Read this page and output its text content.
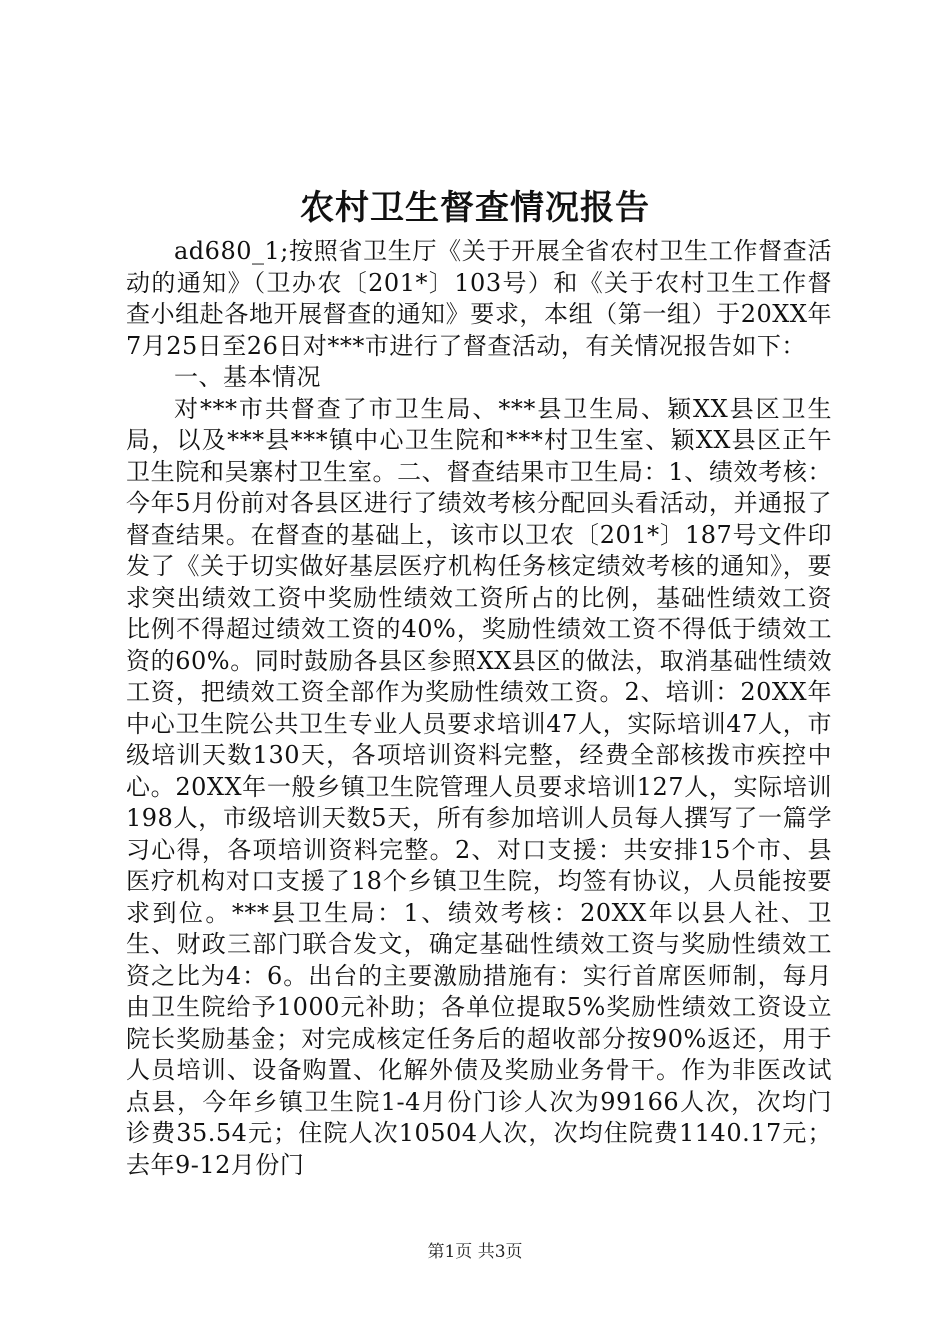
农村卫生督查情况报告

ad680_1;按照省卫生厅《关于开展全省农村卫生工作督查活动的通知》（卫办农〔201*〕103号）和《关于农村卫生工作督查小组赴各地开展督查的通知》要求，本组（第一组）于20XX年7月25日至26日对***市进行了督查活动，有关情况报告如下：

一、基本情况

对***市共督查了市卫生局、***县卫生局、颖XX县区卫生局，以及***县***镇中心卫生院和***村卫生室、颖XX县区正午卫生院和吴寨村卫生室。二、督查结果市卫生局：1、绩效考核：今年5月份前对各县区进行了绩效考核分配回头看活动，并通报了督查结果。在督查的基础上，该市以卫农〔201*〕187号文件印发了《关于切实做好基层医疗机构任务核定绩效考核的通知》，要求突出绩效工资中奖励性绩效工资所占的比例，基础性绩效工资比例不得超过绩效工资的40%，奖励性绩效工资不得低于绩效工资的60%。同时鼓励各县区参照XX县区的做法，取消基础性绩效工资，把绩效工资全部作为奖励性绩效工资。2、培训：20XX年中心卫生院公共卫生专业人员要求培训47人，实际培训47人，市级培训天数130天，各项培训资料完整，经费全部核拨市疾控中心。20XX年一般乡镇卫生院管理人员要求培训127人，实际培训198人，市级培训天数5天，所有参加培训人员每人撰写了一篇学习心得，各项培训资料完整。2、对口支援：共安排15个市、县医疗机构对口支援了18个乡镇卫生院，均签有协议，人员能按要求到位。***县卫生局：1、绩效考核：20XX年以县人社、卫生、财政三部门联合发文，确定基础性绩效工资与奖励性绩效工资之比为4：6。出台的主要激励措施有：实行首席医师制，每月由卫生院给予1000元补助；各单位提取5%奖励性绩效工资设立院长奖励基金；对完成核定任务后的超收部分按90%返还，用于人员培训、设备购置、化解外债及奖励业务骨干。作为非医改试点县，今年乡镇卫生院1-4月份门诊人次为99166人次，次均门诊费35.54元；住院人次10504人次，次均住院费1140.17元；去年9-12月份门

第1页 共3页
